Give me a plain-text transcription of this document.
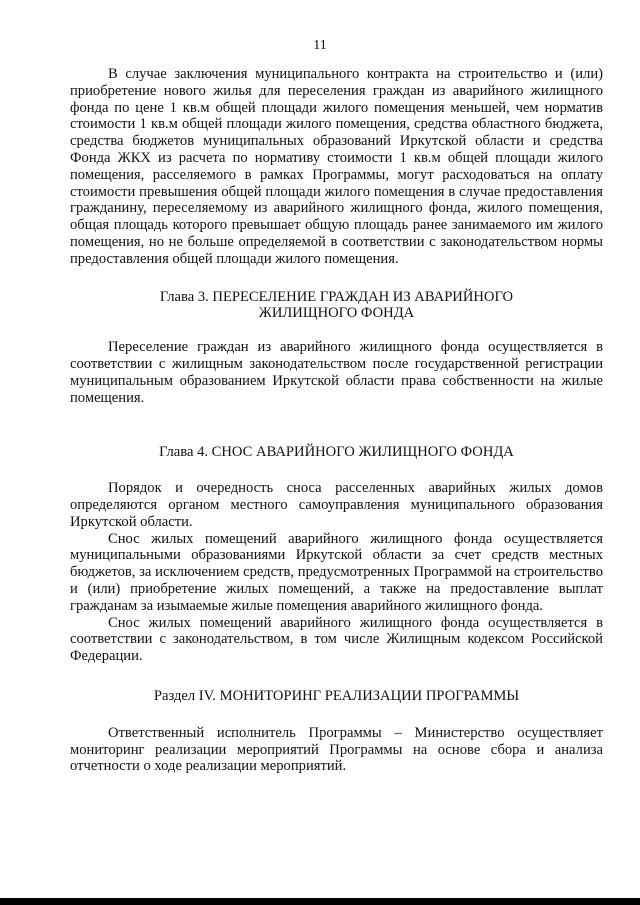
11

В случае заключения муниципального контракта на строительство и (или) приобретение нового жилья для переселения граждан из аварийного жилищного фонда по цене 1 кв.м общей площади жилого помещения меньшей, чем норматив стоимости 1 кв.м общей площади жилого помещения, средства областного бюджета, средства бюджетов муниципальных образований Иркутской области и средства Фонда ЖКХ из расчета по нормативу стоимости 1 кв.м общей площади жилого помещения, расселяемого в рамках Программы, могут расходоваться на оплату стоимости превышения общей площади жилого помещения в случае предоставления гражданину, переселяемому из аварийного жилищного фонда, жилого помещения, общая площадь которого превышает общую площадь ранее занимаемого им жилого помещения, но не больше определяемой в соответствии с законодательством нормы предоставления общей площади жилого помещения.

Глава 3. ПЕРЕСЕЛЕНИЕ ГРАЖДАН ИЗ АВАРИЙНОГО
ЖИЛИЩНОГО ФОНДА

Переселение граждан из аварийного жилищного фонда осуществляется в соответствии с жилищным законодательством после государственной регистрации муниципальным образованием Иркутской области права собственности на жилые помещения.

Глава 4. СНОС АВАРИЙНОГО ЖИЛИЩНОГО ФОНДА

Порядок и очередность сноса расселенных аварийных жилых домов определяются органом местного самоуправления муниципального образования Иркутской области.

Снос жилых помещений аварийного жилищного фонда осуществляется муниципальными образованиями Иркутской области за счет средств местных бюджетов, за исключением средств, предусмотренных Программой на строительство и (или) приобретение жилых помещений, а также на предоставление выплат гражданам за изымаемые жилые помещения аварийного жилищного фонда.

Снос жилых помещений аварийного жилищного фонда осуществляется в соответствии с законодательством, в том числе Жилищным кодексом Российской Федерации.

Раздел IV. МОНИТОРИНГ РЕАЛИЗАЦИИ ПРОГРАММЫ

Ответственный исполнитель Программы – Министерство осуществляет мониторинг реализации мероприятий Программы на основе сбора и анализа отчетности о ходе реализации мероприятий.
